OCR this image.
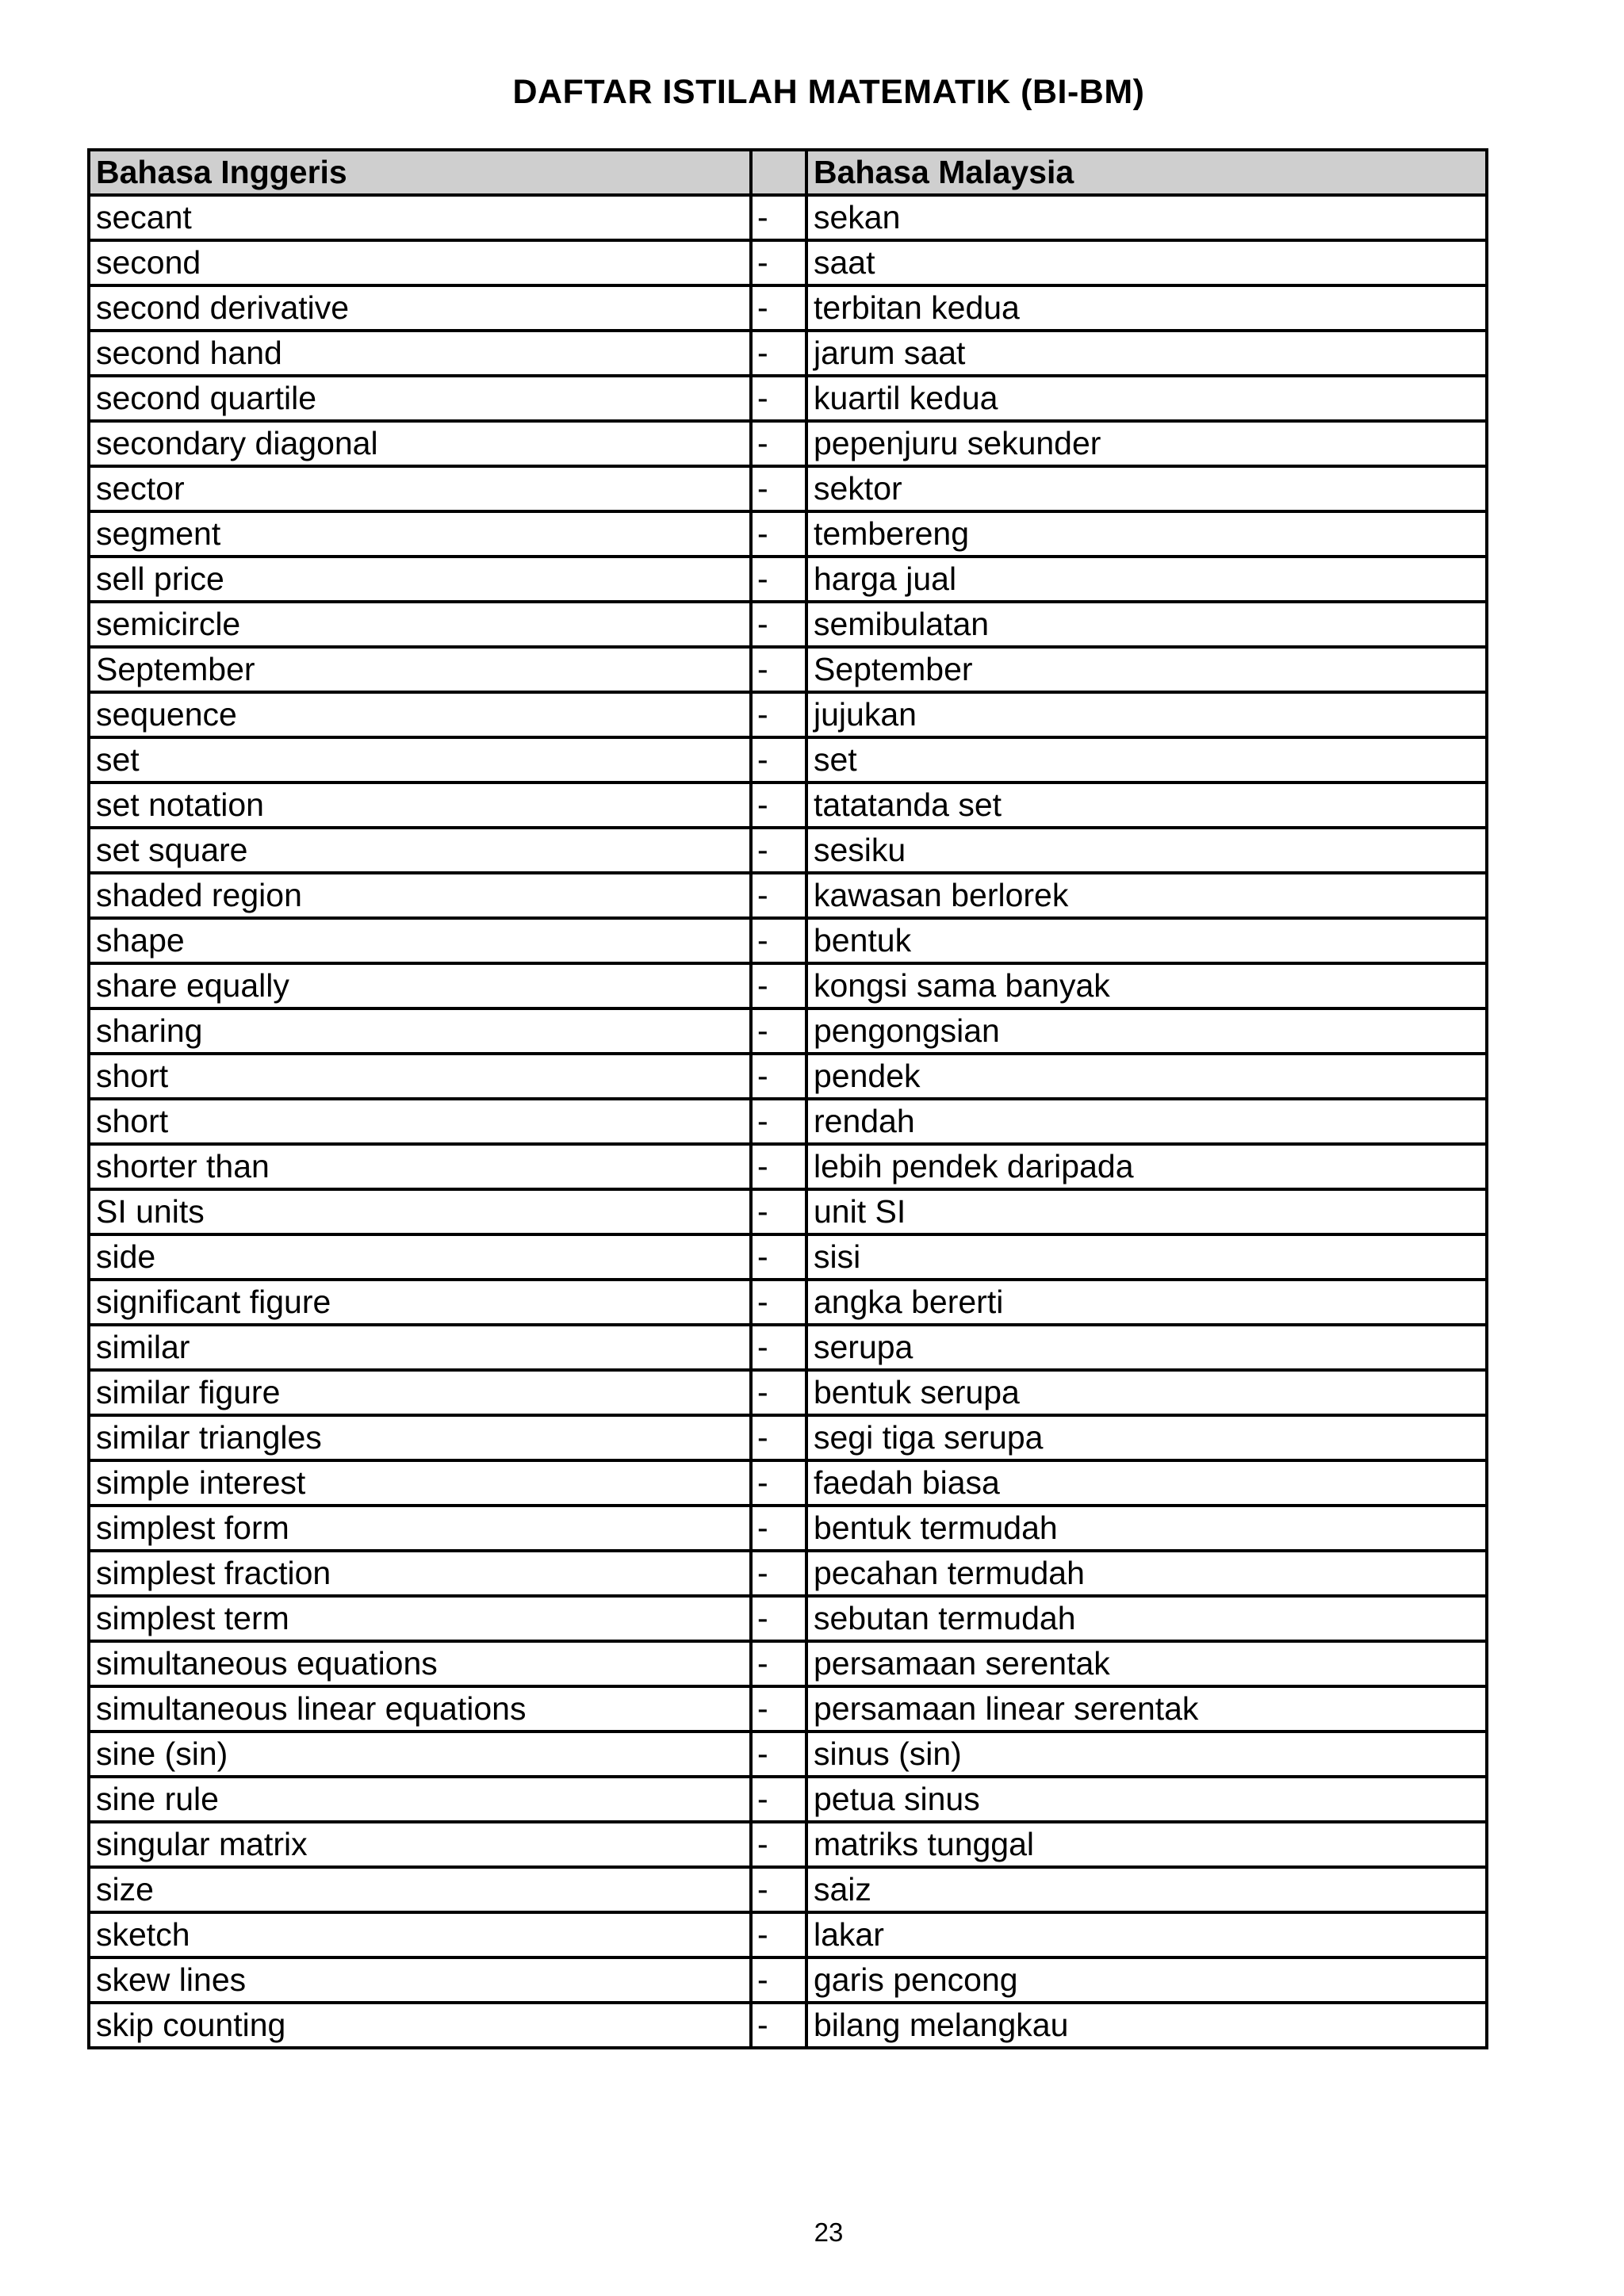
DAFTAR ISTILAH MATEMATIK (BI-BM)
Bahasa Inggeris		Bahasa Malaysia
secant	-	sekan
second	-	saat
second derivative	-	terbitan kedua
second hand	-	jarum saat
second quartile	-	kuartil kedua
secondary diagonal	-	pepenjuru sekunder
sector	-	sektor
segment	-	tembereng
sell price	-	harga jual
semicircle	-	semibulatan
September	-	September
sequence	-	jujukan
set	-	set
set notation	-	tatatanda set
set square	-	sesiku
shaded region	-	kawasan berlorek
shape	-	bentuk
share equally	-	kongsi sama banyak
sharing	-	pengongsian
short	-	pendek
short	-	rendah
shorter than	-	lebih pendek daripada
SI units	-	unit SI
side	-	sisi
significant figure	-	angka bererti
similar	-	serupa
similar figure	-	bentuk serupa
similar triangles	-	segi tiga serupa
simple interest	-	faedah biasa
simplest form	-	bentuk termudah
simplest fraction	-	pecahan termudah
simplest term	-	sebutan termudah
simultaneous equations	-	persamaan serentak
simultaneous linear equations	-	persamaan linear serentak
sine (sin)	-	sinus (sin)
sine rule	-	petua sinus
singular matrix	-	matriks tunggal
size	-	saiz
sketch	-	lakar
skew lines	-	garis pencong
skip counting	-	bilang melangkau
23
